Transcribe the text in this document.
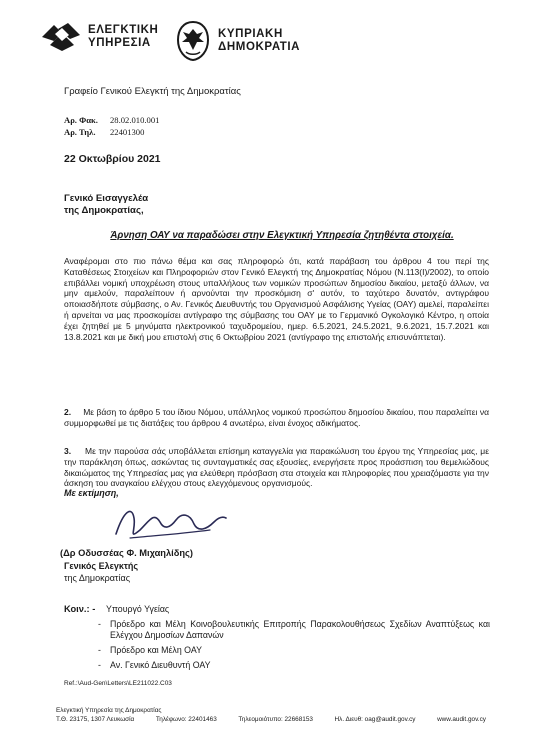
ΕΛΕΓΚΤΙΚΗ
ΥΠΗΡΕΣΙΑ
ΚΥΠΡΙΑΚΗ
ΔΗΜΟΚΡΑΤΙΑ
Γραφείο Γενικού Ελεγκτή της Δημοκρατίας
Αρ. Φακ.	28.02.010.001
Αρ. Τηλ.	22401300
22 Οκτωβρίου 2021
Γενικό Εισαγγελέα
της Δημοκρατίας,
Άρνηση ΟΑΥ να παραδώσει στην Ελεγκτική Υπηρεσία ζητηθέντα στοιχεία.
Αναφέρομαι στο πιο πάνω θέμα και σας πληροφορώ ότι, κατά παράβαση του άρθρου 4 του περί της Καταθέσεως Στοιχείων και Πληροφοριών στον Γενικό Ελεγκτή της Δημοκρατίας Νόμου (Ν.113(Ι)/2002), το οποίο επιβάλλει νομική υποχρέωση στους υπαλλήλους των νομικών προσώπων δημοσίου δικαίου, μεταξύ άλλων, να μην αμελούν, παραλείπουν ή αρνούνται την προσκόμιση σ' αυτόν, το ταχύτερο δυνατόν, αντιγράφου οποιασδήποτε σύμβασης, ο Αν. Γενικός Διευθυντής του Οργανισμού Ασφάλισης Υγείας (ΟΑΥ) αμελεί, παραλείπει ή αρνείται να μας προσκομίσει αντίγραφο της σύμβασης του ΟΑΥ με το Γερμανικό Ογκολογικό Κέντρο, η οποία έχει ζητηθεί με 5 μηνύματα ηλεκτρονικού ταχυδρομείου, ημερ. 6.5.2021, 24.5.2021, 9.6.2021, 15.7.2021 και 13.8.2021 και με δική μου επιστολή στις 6 Οκτωβρίου 2021 (αντίγραφο της επιστολής επισυνάπτεται).
2. Με βάση το άρθρο 5 του ίδιου Νόμου, υπάλληλος νομικού προσώπου δημοσίου δικαίου, που παραλείπει να συμμορφωθεί με τις διατάξεις του άρθρου 4 ανωτέρω, είναι ένοχος αδικήματος.
3. Με την παρούσα σάς υποβάλλεται επίσημη καταγγελία για παρακώλυση του έργου της Υπηρεσίας μας, με την παράκληση όπως, ασκώντας τις συνταγματικές σας εξουσίες, ενεργήσετε προς προάσπιση του θεμελιώδους δικαιώματος της Υπηρεσίας μας για ελεύθερη πρόσβαση στα στοιχεία και πληροφορίες που χρειαζόμαστε για την άσκηση του αναγκαίου ελέγχου στους ελεγχόμενους οργανισμούς.
Με εκτίμηση,
(Δρ Οδυσσέας Φ. Μιχαηλίδης)
Γενικός Ελεγκτής
της Δημοκρατίας
Κοιν.: - Υπουργό Υγείας
-	Πρόεδρο και Μέλη Κοινοβουλευτικής Επιτροπής Παρακολουθήσεως Σχεδίων Αναπτύξεως και Ελέγχου Δημοσίων Δαπανών
-	Πρόεδρο και Μέλη ΟΑΥ
-	Αν. Γενικό Διευθυντή ΟΑΥ
Ref.:\Aud-Gen\Letters\LE211022.C03
Ελεγκτική Υπηρεσία της Δημοκρατίας
Τ.Θ. 23175, 1307 Λευκωσία	Τηλέφωνο: 22401463	Τηλεομοιότυπο: 22668153	Ηλ. Διευθ: oag@audit.gov.cy	www.audit.gov.cy
